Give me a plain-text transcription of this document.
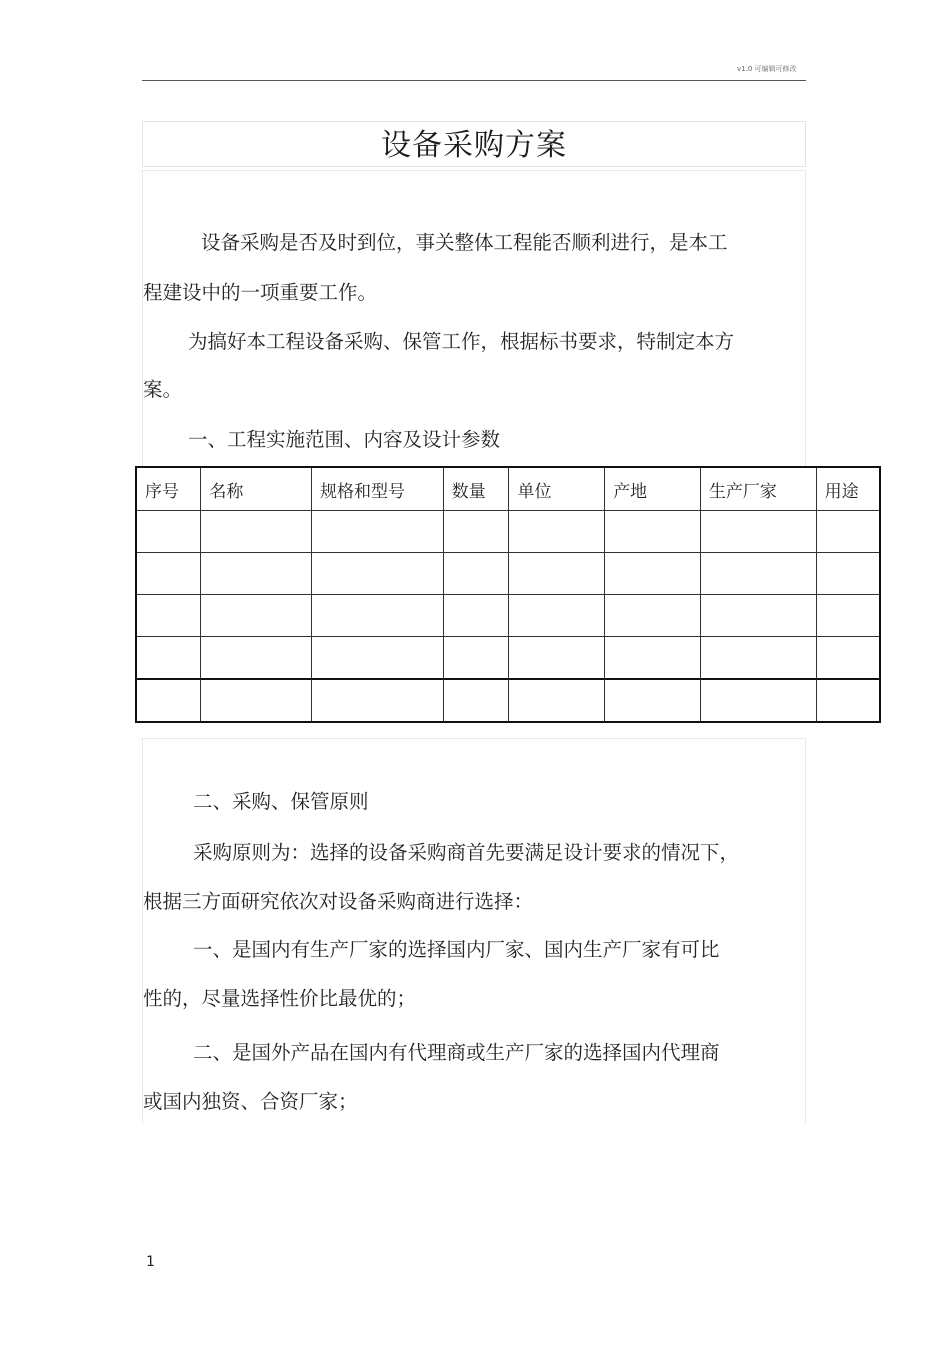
v1.0 可编辑可修改
设备采购方案
设备采购是否及时到位，事关整体工程能否顺利进行，是本工
程建设中的一项重要工作。
为搞好本工程设备采购、保管工作，根据标书要求，特制定本方
案。
一、工程实施范围、内容及设计参数
序号	名称	规格和型号	数量	单位	产地	生产厂家	用途

二、采购、保管原则
采购原则为：选择的设备采购商首先要满足设计要求的情况下，
根据三方面研究依次对设备采购商进行选择：
一、是国内有生产厂家的选择国内厂家、国内生产厂家有可比
性的，尽量选择性价比最优的；
二、是国外产品在国内有代理商或生产厂家的选择国内代理商
或国内独资、合资厂家；
1
